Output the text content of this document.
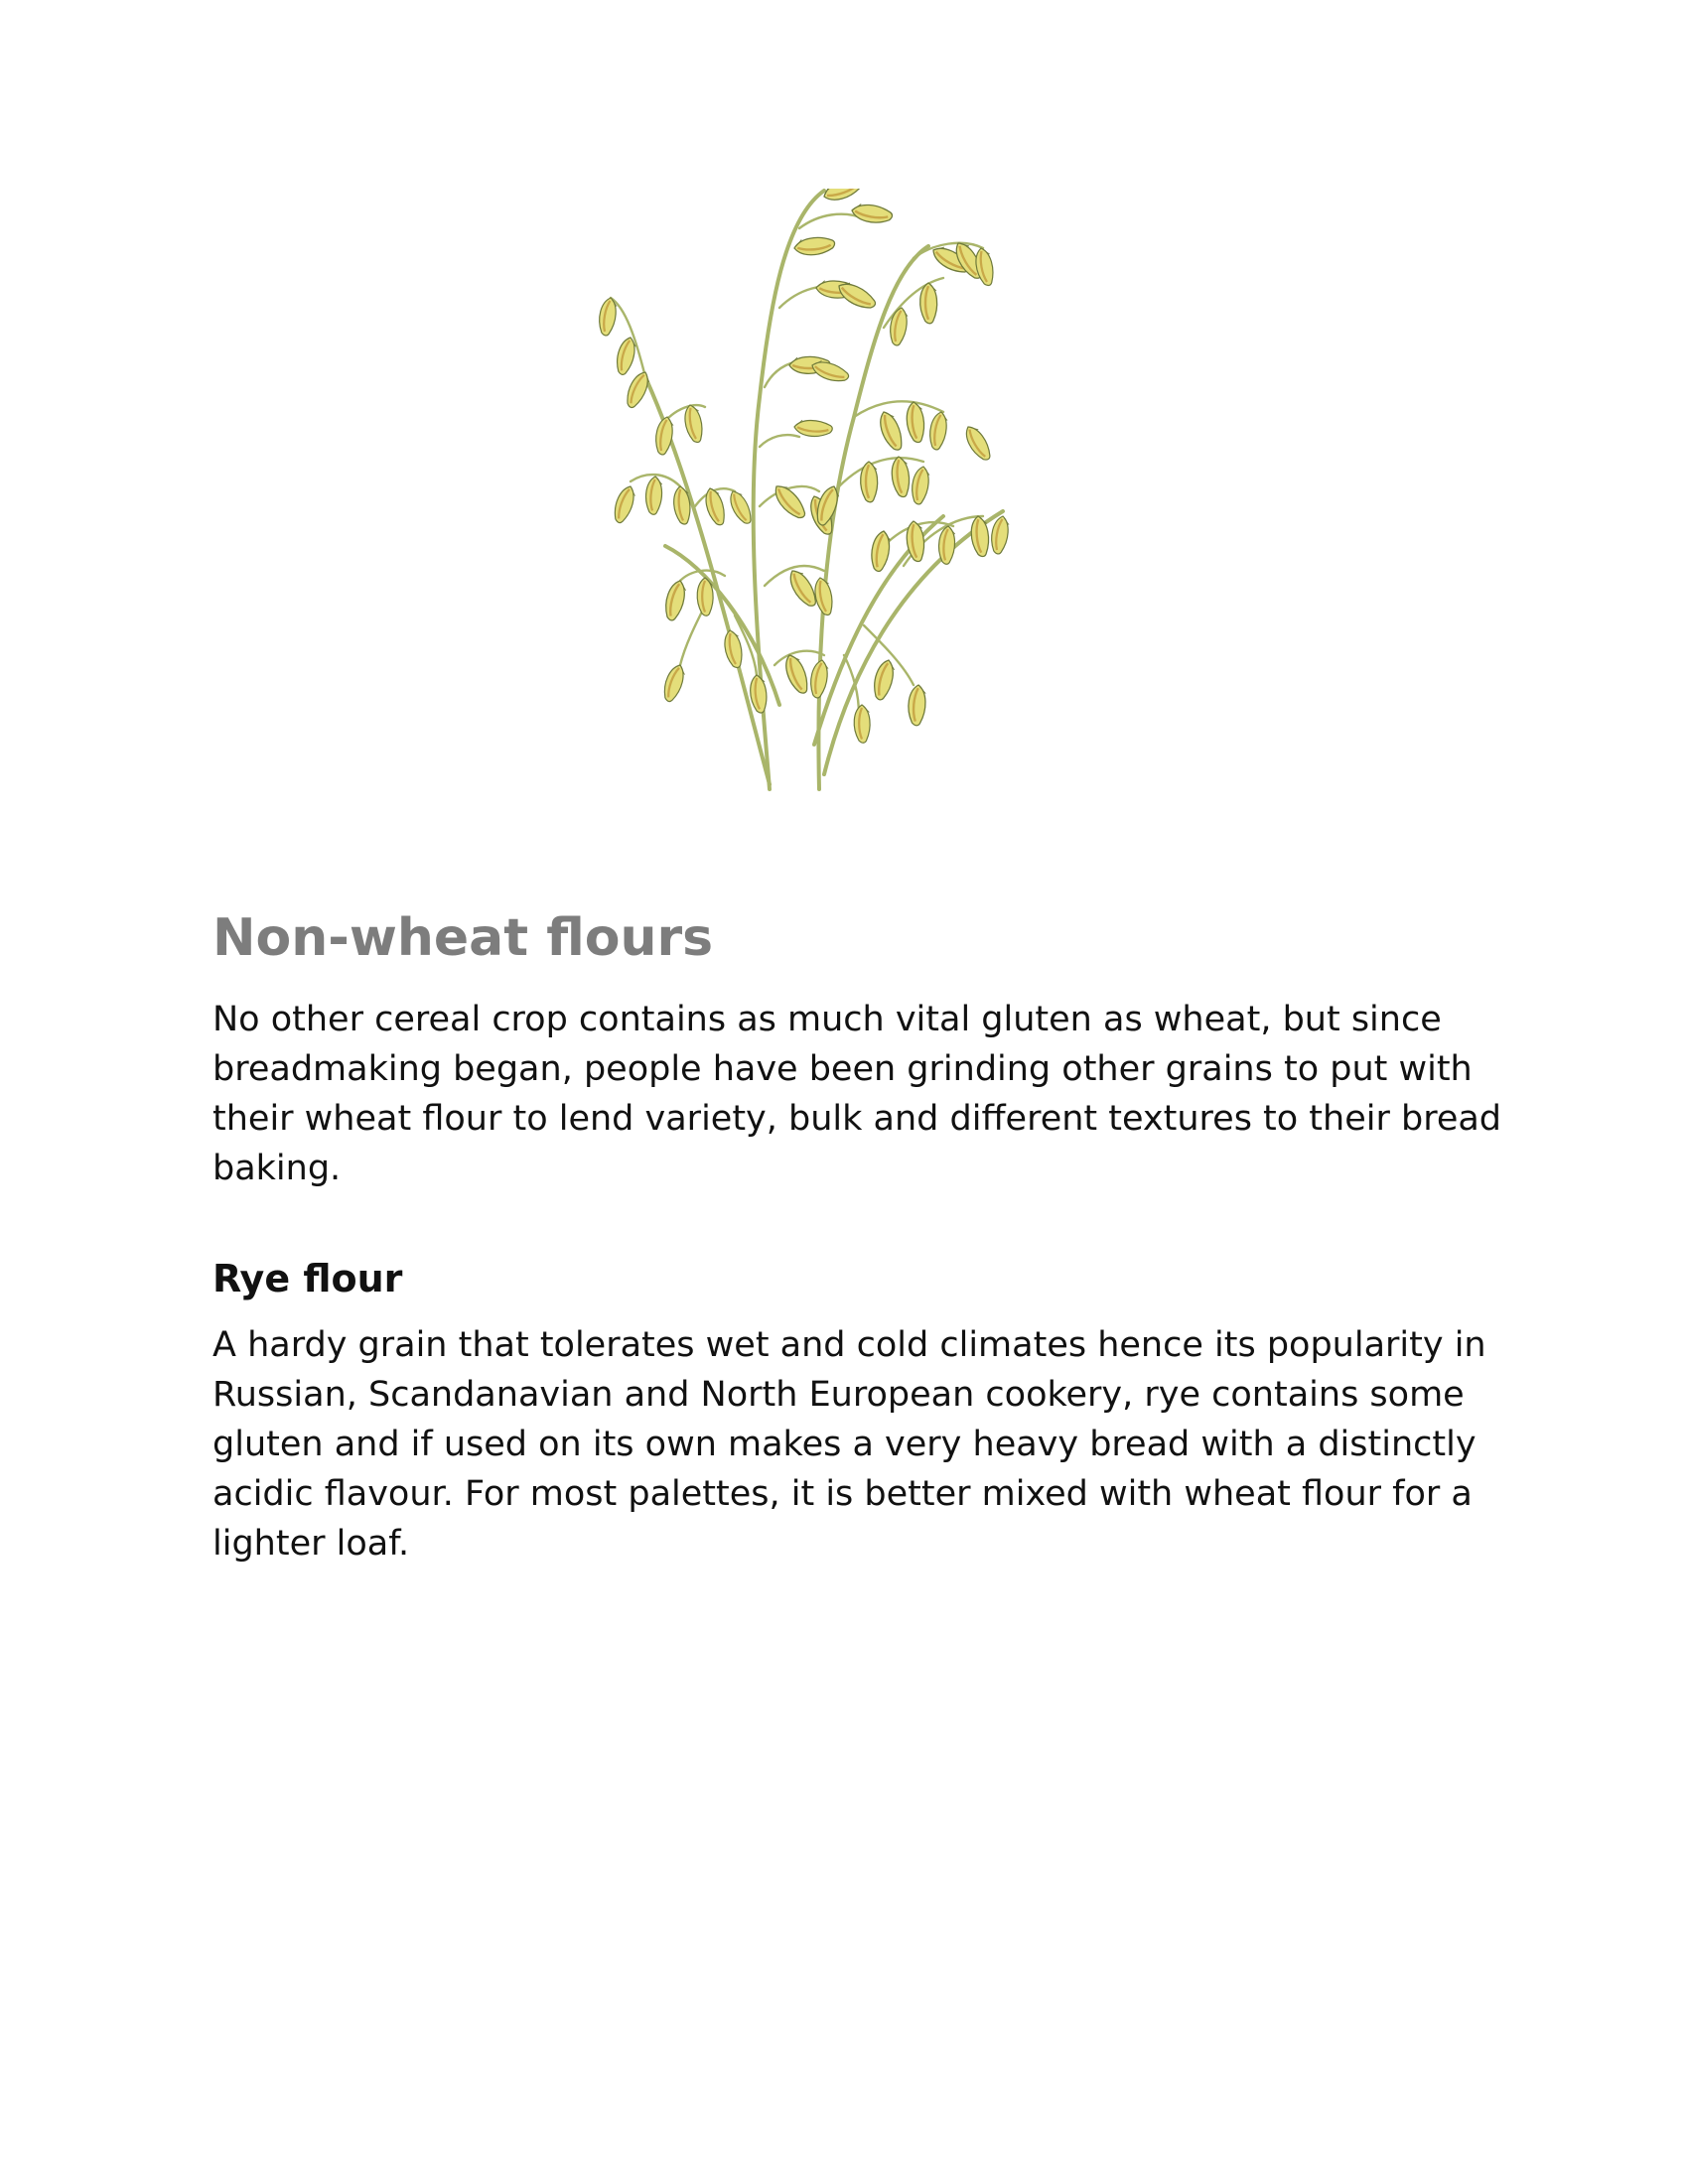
Non-wheat flours

No other cereal crop contains as much vital gluten as wheat, but since breadmaking began, people have been grinding other grains to put with their wheat flour to lend variety, bulk and different textures to their bread baking.

Rye flour

A hardy grain that tolerates wet and cold climates hence its popularity in Russian, Scandanavian and North European cookery, rye contains some gluten and if used on its own makes a very heavy bread with a distinctly acidic flavour. For most palettes, it is better mixed with wheat flour for a lighter loaf.
